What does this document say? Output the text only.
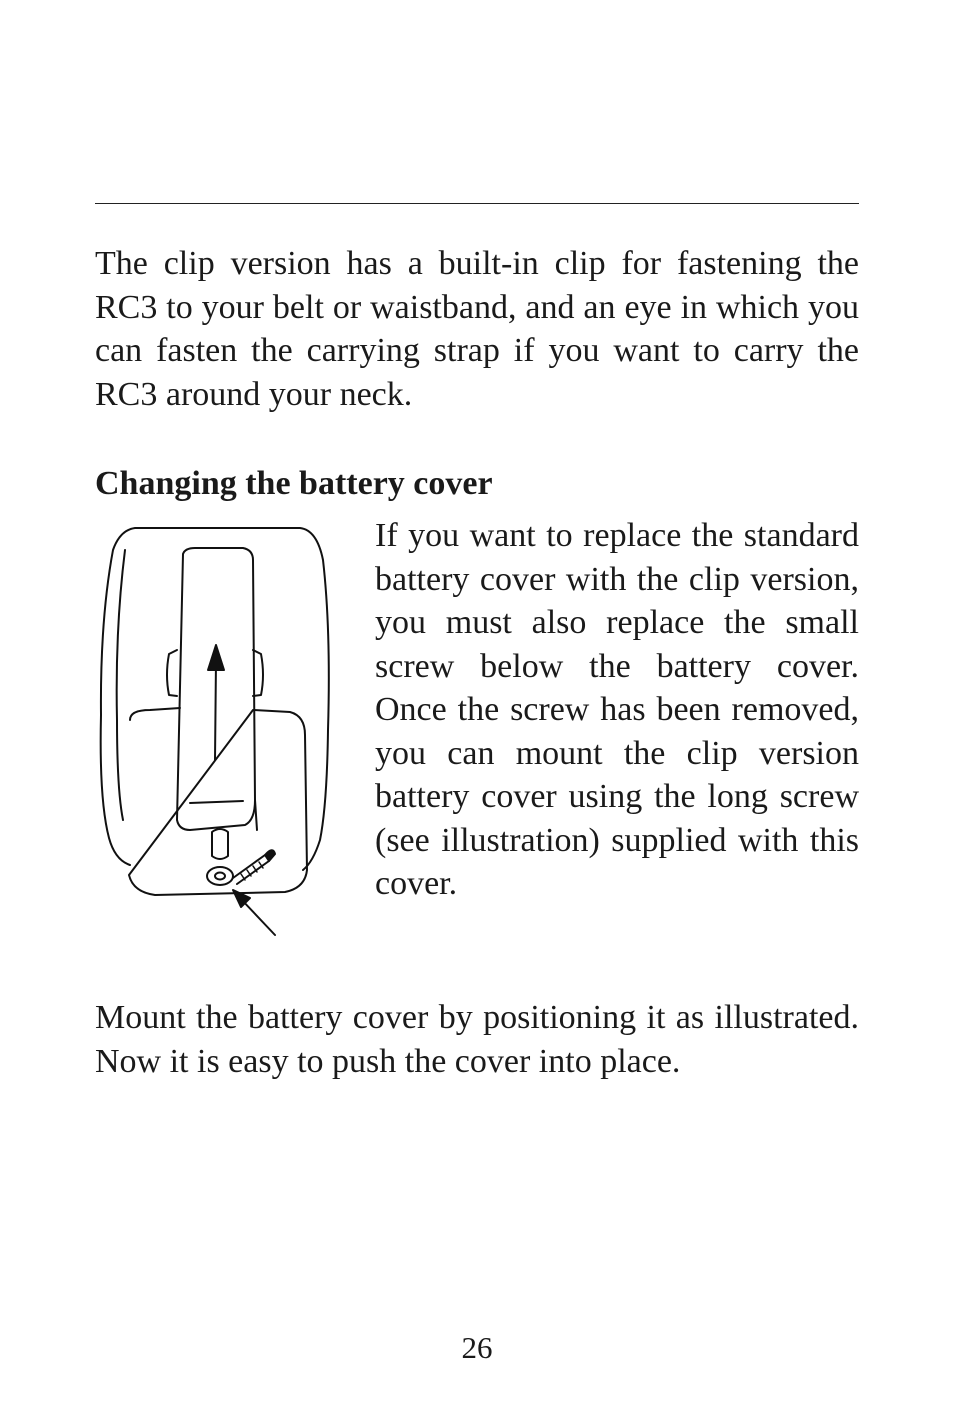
The clip version has a built-in clip for fastening the RC3 to your belt or waistband, and an eye in which you can fasten the carrying strap if you want to carry the RC3 around your neck.

Changing the battery cover

If you want to replace the standard battery cover with the clip version, you must also replace the small screw below the battery cover. Once the screw has been removed, you can mount the clip version battery cover using the long screw (see illustration) supplied with this cover.

Mount the battery cover by positioning it as illustrated. Now it is easy to push the cover into place.

26
